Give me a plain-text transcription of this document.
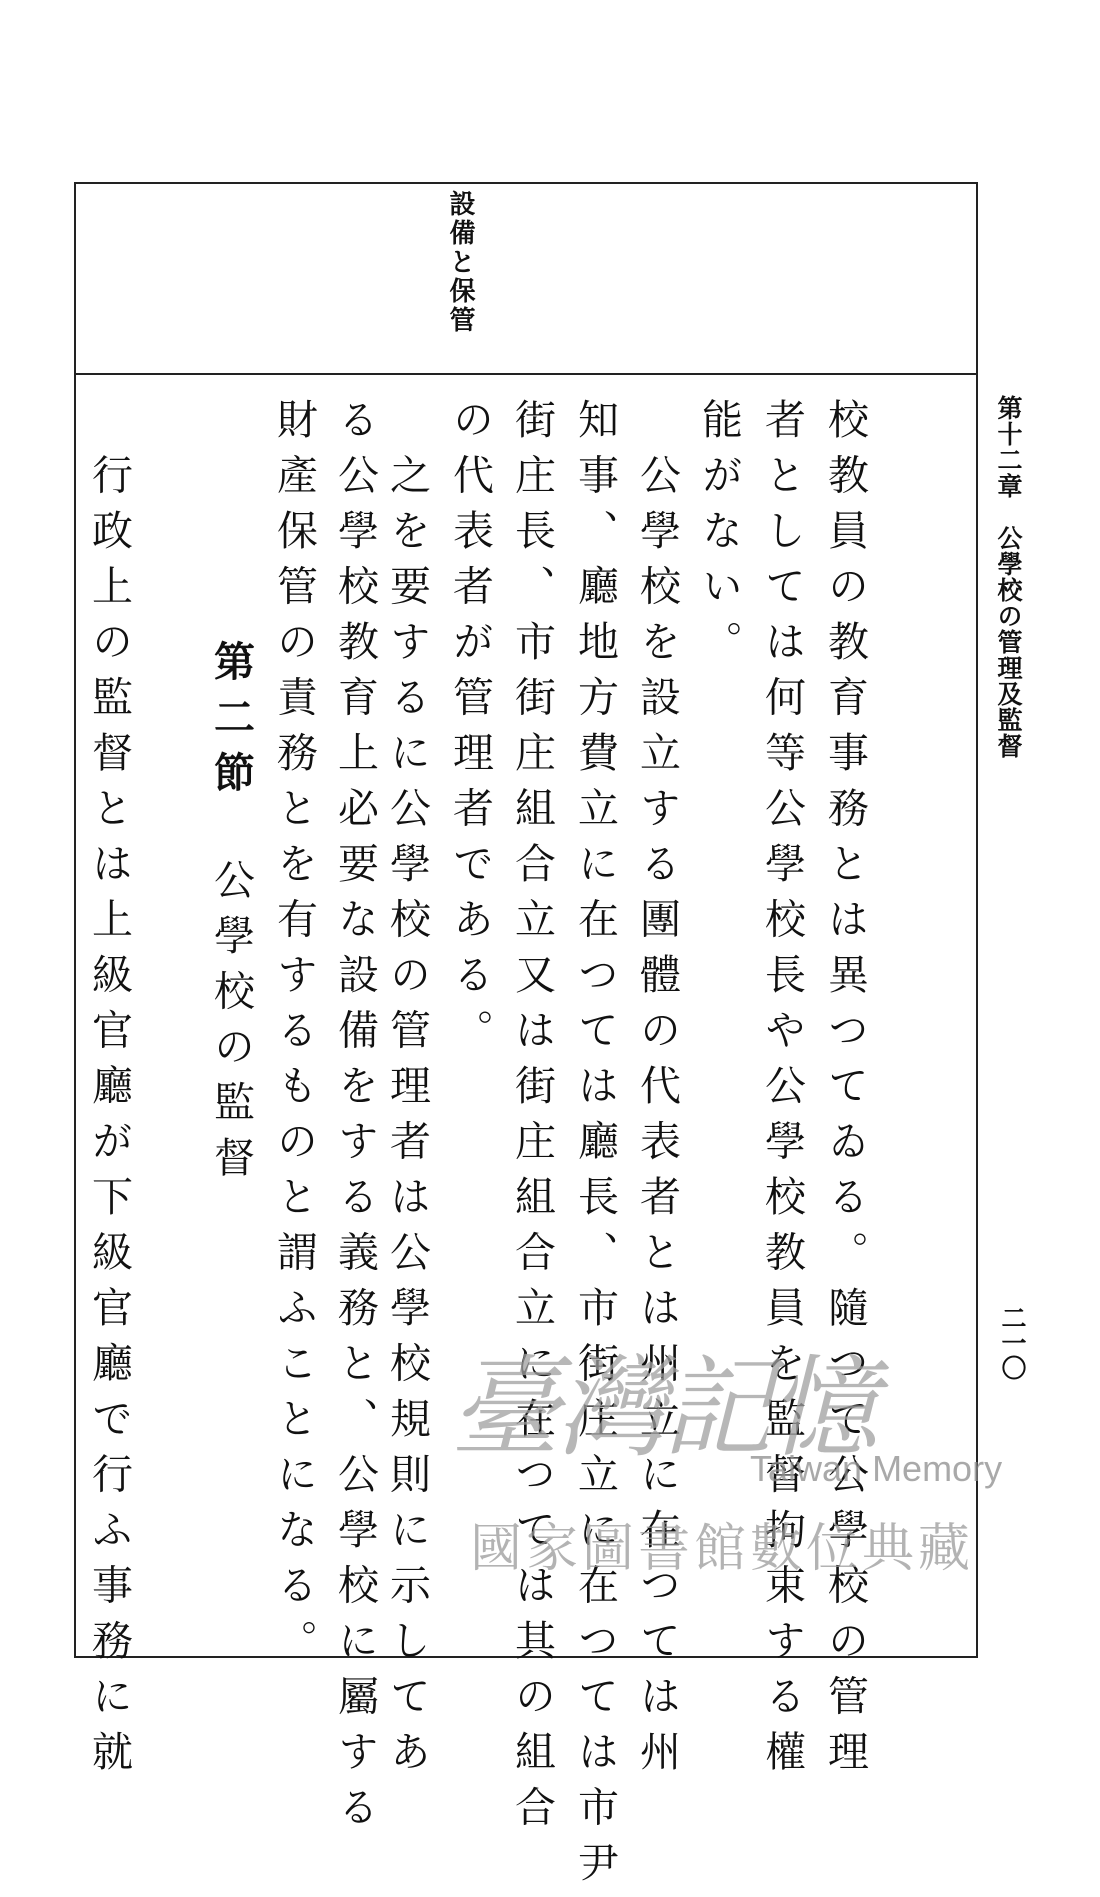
設備と保管
第十二章　公學校の管理及監督
二一〇
校教員の教育事務とは異つてゐる。隨つて公學校の管理
者としては何等公學校長や公學校教員を監督拘束する權
能がない。
　公學校を設立する團體の代表者とは州立に在つては州
知事、廳地方費立に在つては廳長、市街庄立に在つては市尹
街庄長、市街庄組合立又は街庄組合立に在つては其の組合
の代表者が管理者である。
　之を要するに公學校の管理者は公學校規則に示してあ
る公學校教育上必要な設備をする義務と、公學校に屬する
財產保管の責務とを有するものと謂ふことになる。
第二節公學校の監督
　行政上の監督とは上級官廳が下級官廳で行ふ事務に就	臺灣記憶
Taiwan Memory
國家圖書館數位典藏
